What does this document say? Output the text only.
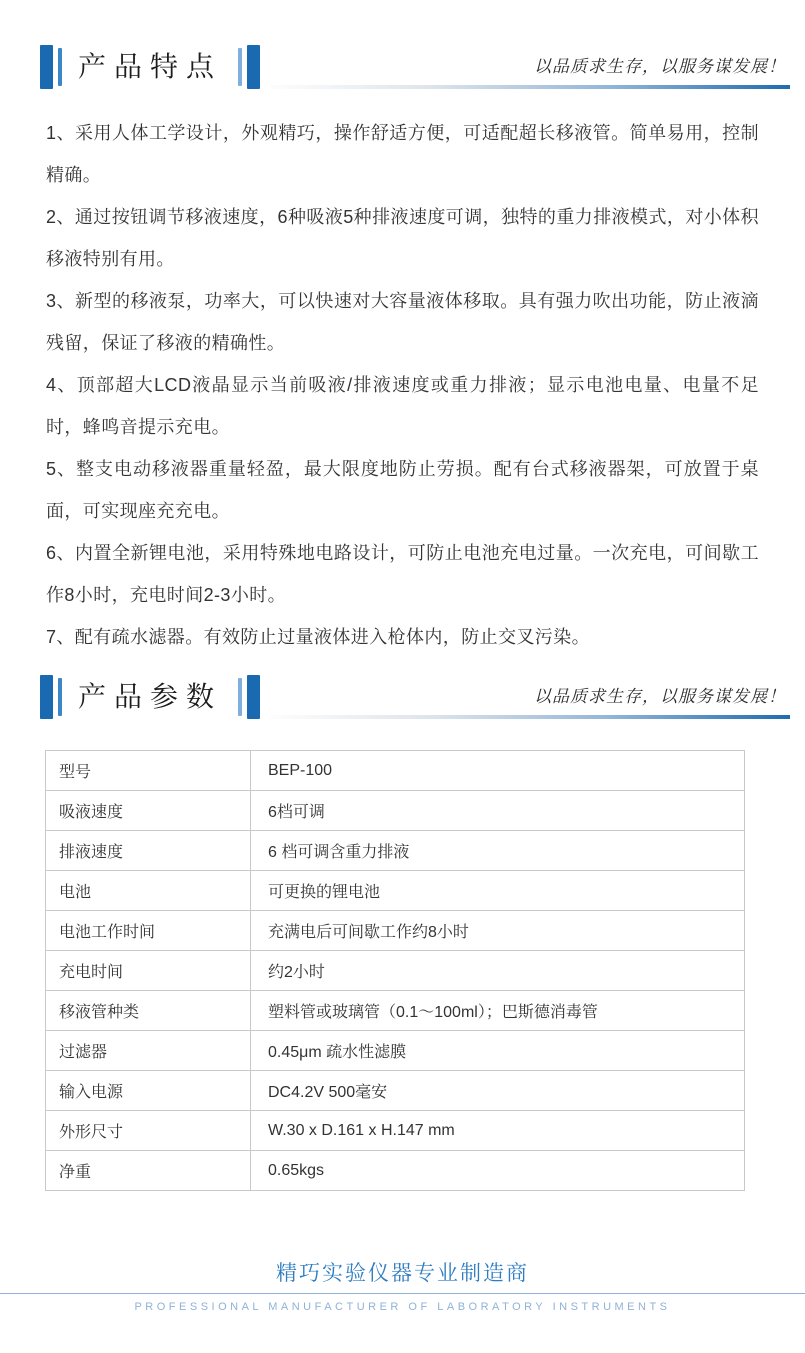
产品特点	以品质求生存，以服务谋发展！

1、采用人体工学设计，外观精巧，操作舒适方便，可适配超长移液管。简单易用，控制精确。

2、通过按钮调节移液速度，6种吸液5种排液速度可调，独特的重力排液模式，对小体积移液特别有用。

3、新型的移液泵，功率大，可以快速对大容量液体移取。具有强力吹出功能，防止液滴残留，保证了移液的精确性。

4、顶部超大LCD液晶显示当前吸液/排液速度或重力排液；显示电池电量、电量不足时，蜂鸣音提示充电。

5、整支电动移液器重量轻盈，最大限度地防止劳损。配有台式移液器架，可放置于桌面，可实现座充充电。

6、内置全新锂电池，采用特殊地电路设计，可防止电池充电过量。一次充电，可间歇工作8小时，充电时间2-3小时。

7、配有疏水滤器。有效防止过量液体进入枪体内，防止交叉污染。

产品参数	以品质求生存，以服务谋发展！
型号	BEP-100
吸液速度	6档可调
排液速度	6 档可调含重力排液
电池	可更换的锂电池
电池工作时间	充满电后可间歇工作约8小时
充电时间	约2小时
移液管种类	塑料管或玻璃管（0.1～100ml）；巴斯德消毒管
过滤器	0.45μm 疏水性滤膜
输入电源	DC4.2V 500毫安
外形尺寸	W.30 x D.161 x H.147 mm
净重	0.65kgs
精巧实验仪器专业制造商
PROFESSIONAL MANUFACTURER OF LABORATORY INSTRUMENTS
